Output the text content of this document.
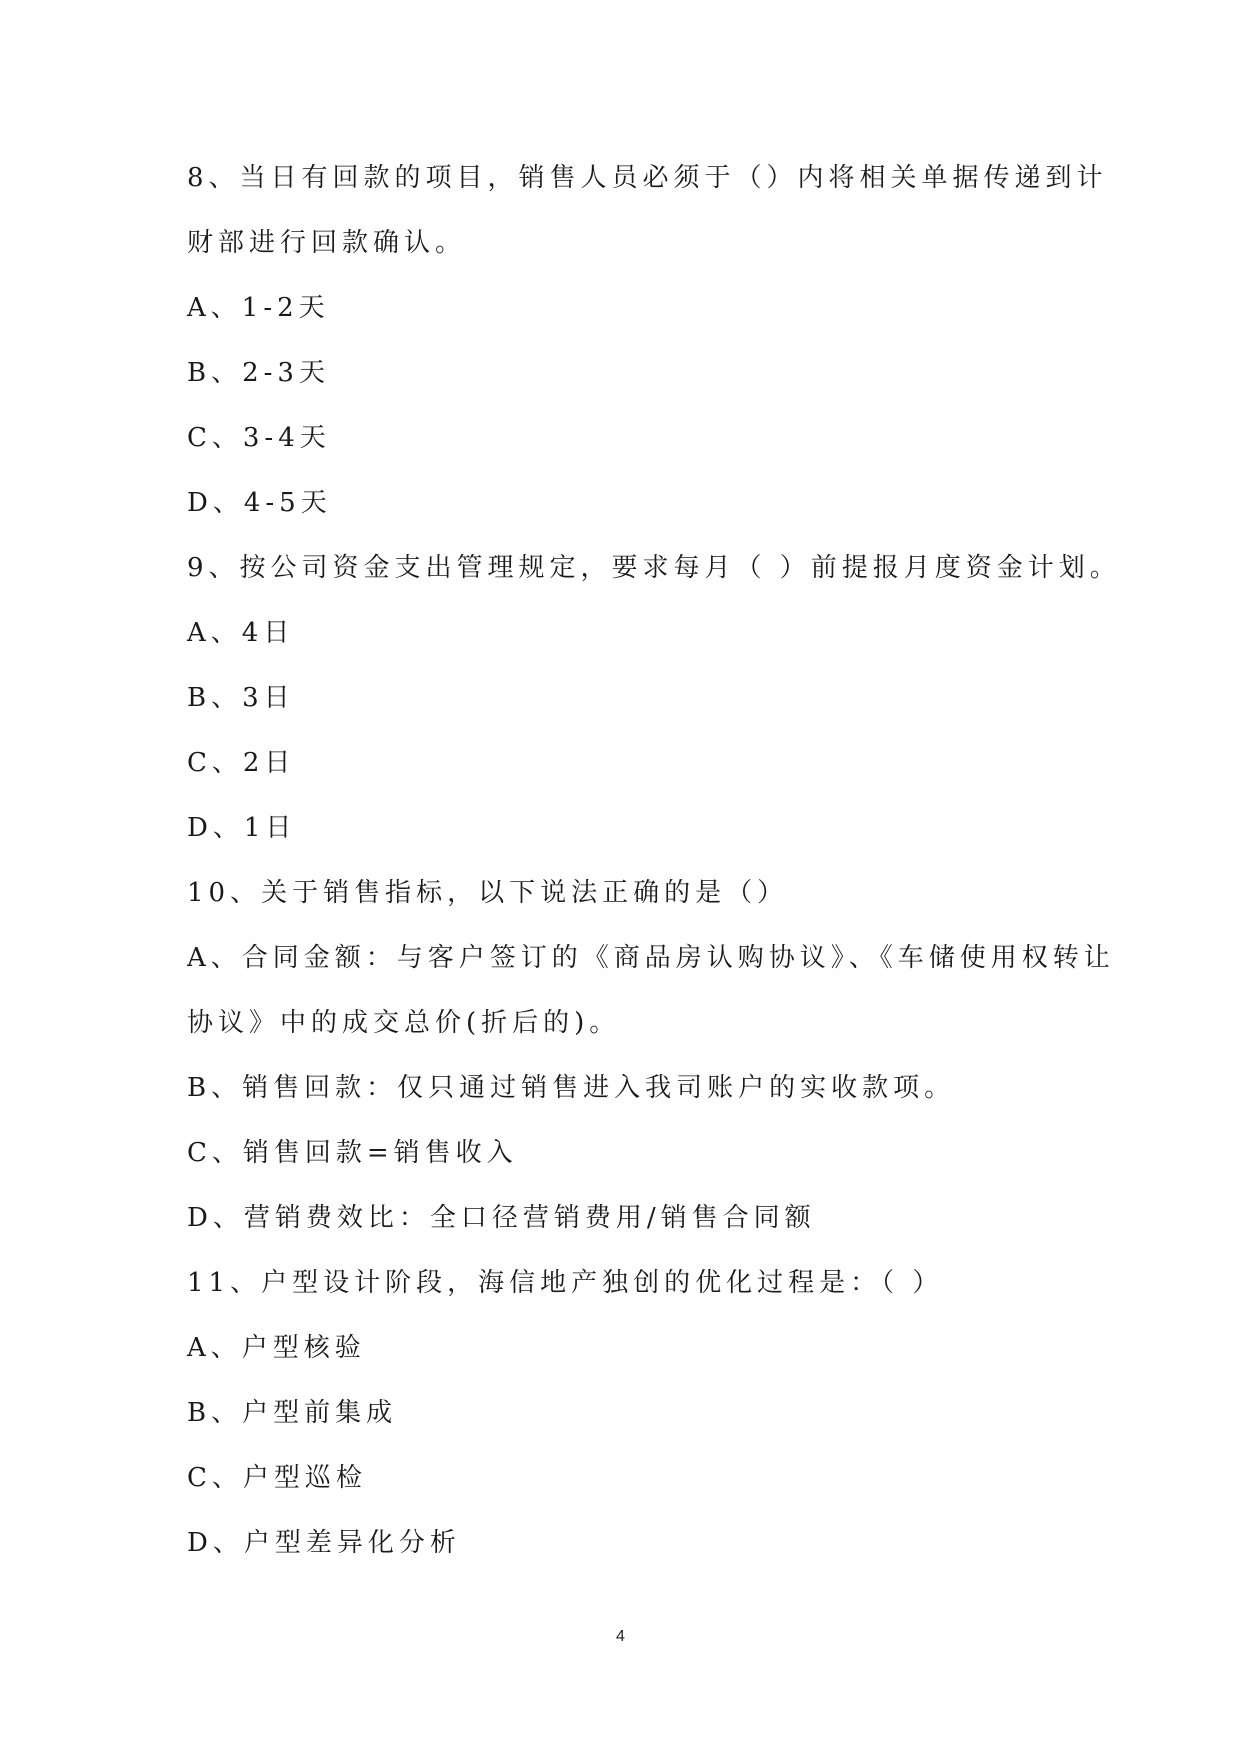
8、当日有回款的项目，销售人员必须于（）内将相关单据传递到计
财部进行回款确认。
A、1-2天
B、2-3天
C、3-4天
D、4-5天
9、按公司资金支出管理规定，要求每月（ ）前提报月度资金计划。
A、4日
B、3日
C、2日
D、1日
10、关于销售指标，以下说法正确的是（）
A、合同金额：与客户签订的《商品房认购协议》、《车储使用权转让
协议》中的成交总价(折后的)。
B、销售回款：仅只通过销售进入我司账户的实收款项。
C、销售回款=销售收入
D、营销费效比：全口径营销费用/销售合同额
11、户型设计阶段，海信地产独创的优化过程是：（ ）
A、户型核验
B、户型前集成
C、户型巡检
D、户型差异化分析
4
